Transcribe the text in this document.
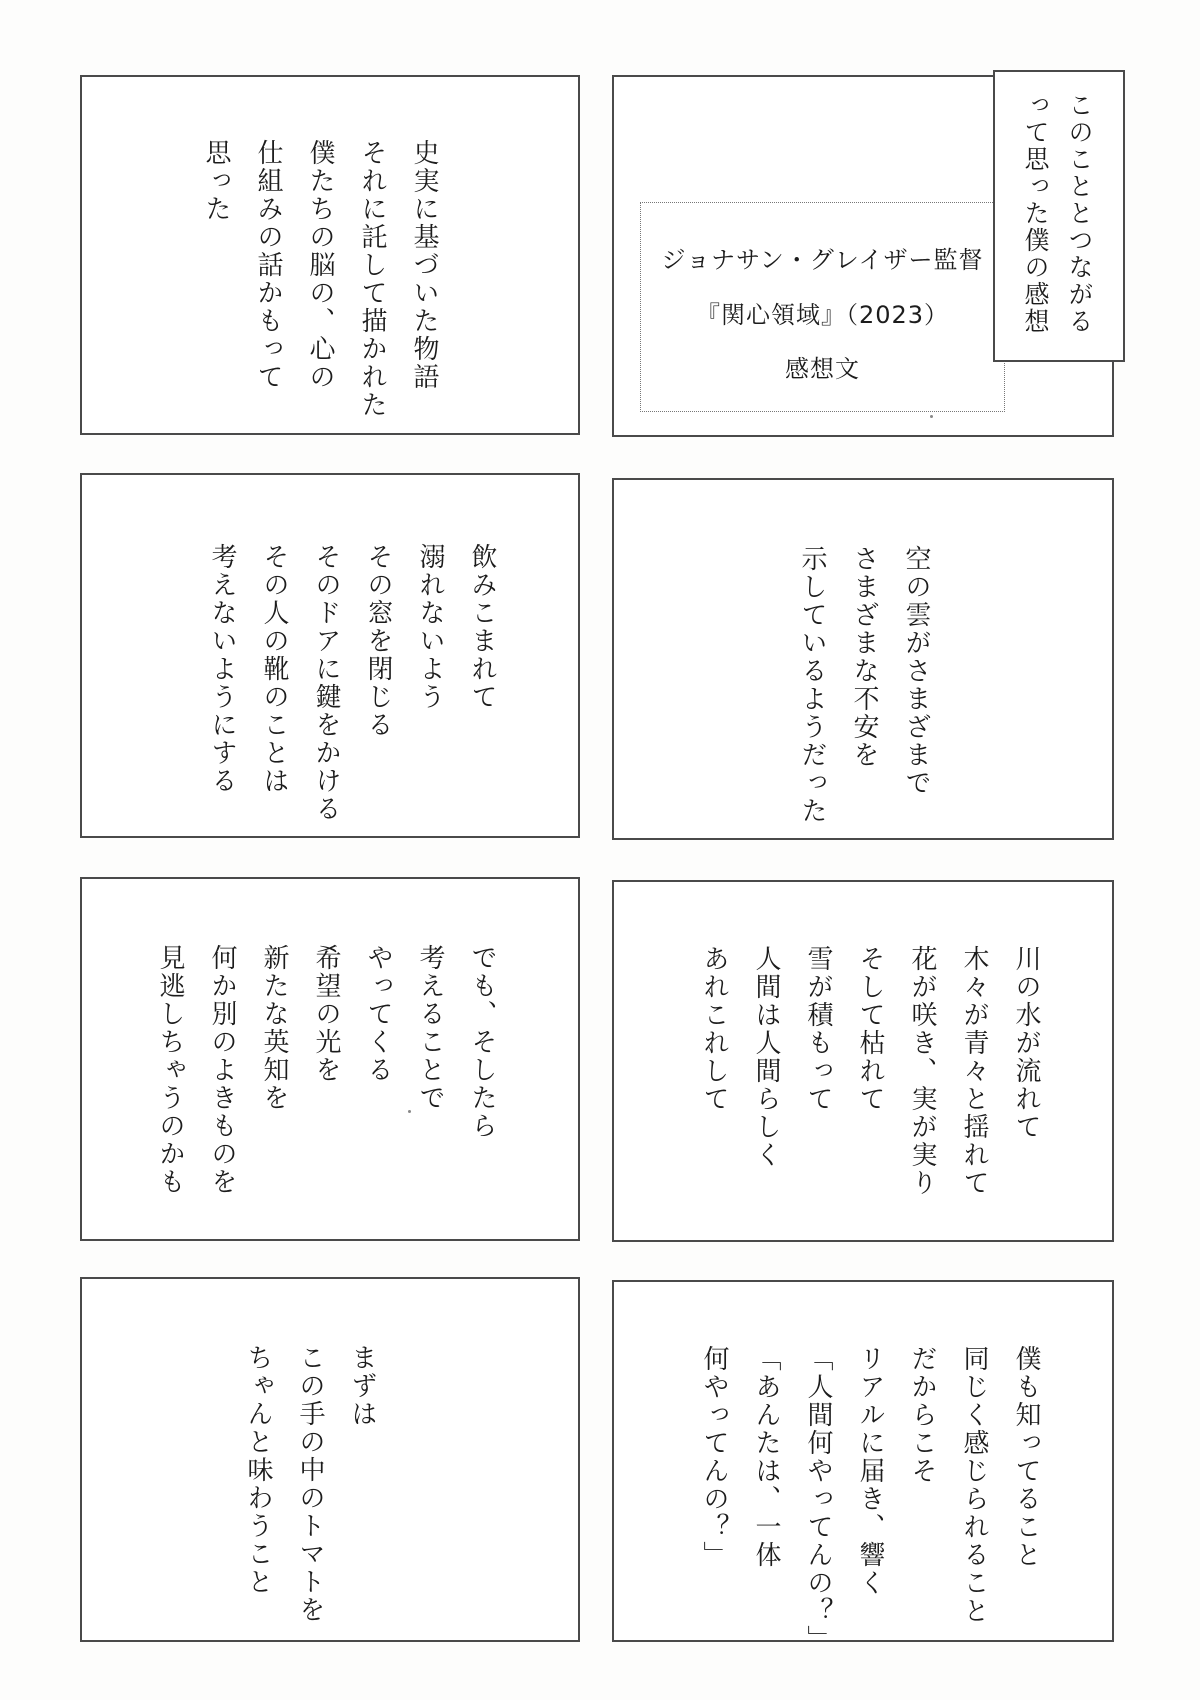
史実に基づいた物語
それに託して描かれた
僕たちの脳の、心の
仕組みの話かもって
思った

ジョナサン・グレイザー監督

『関心領域』（2023）

感想文

このこととつながる
って思った僕の感想

飲みこまれて
溺れないよう
その窓を閉じる
そのドアに鍵をかける
その人の靴のことは
考えないようにする	空の雲がさまざまで
さまざまな不安を
示しているようだった

でも、そしたら
考えることで
やってくる
希望の光を
新たな英知を
何か別のよきものを
見逃しちゃうのかも	川の水が流れて
木々が青々と揺れて
花が咲き、実が実り
そして枯れて
雪が積もって
人間は人間らしく
あれこれして

まずは
この手の中のトマトを
ちゃんと味わうこと	僕も知ってること
同じく感じられること
だからこそ
リアルに届き、響く
「人間何やってんの？」
「あんたは、一体
何やってんの？」
